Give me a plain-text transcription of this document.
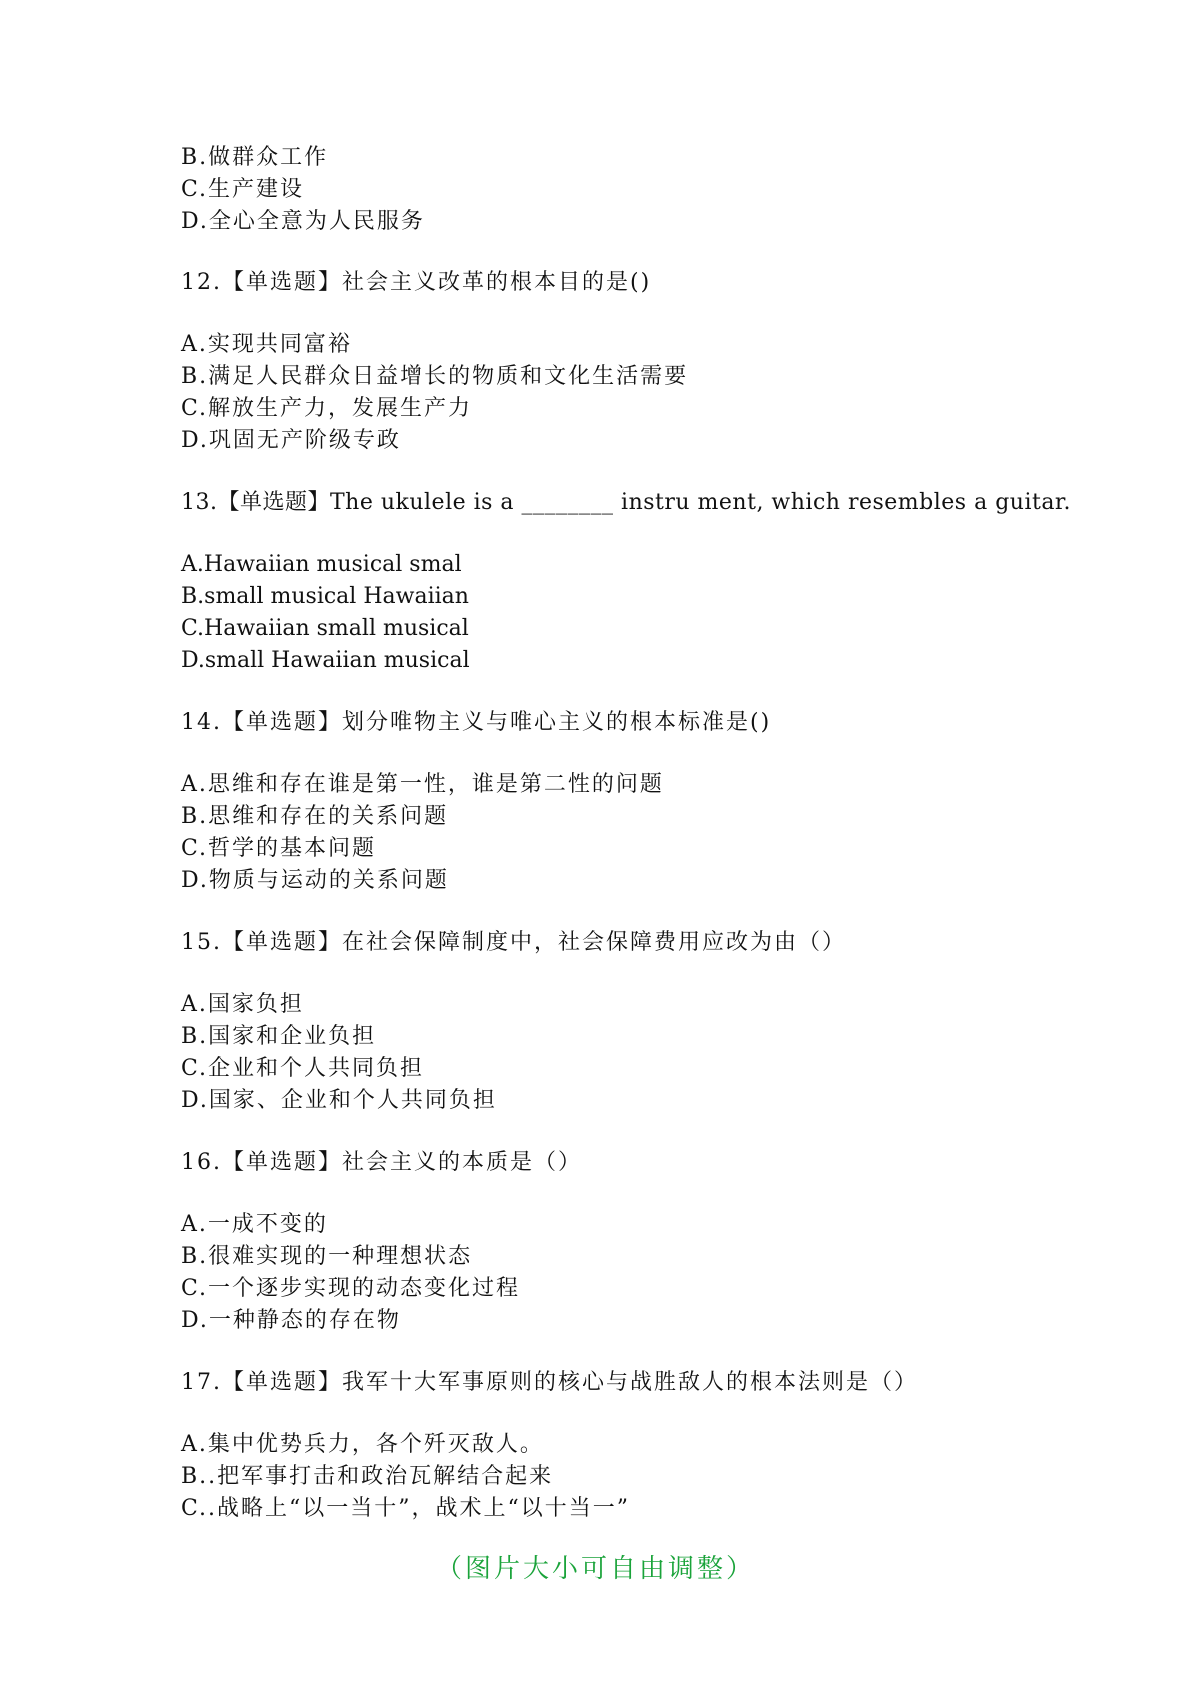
B.做群众工作
C.生产建设
D.全心全意为人民服务
12.【单选题】社会主义改革的根本目的是()
A.实现共同富裕
B.满足人民群众日益增长的物质和文化生活需要
C.解放生产力，发展生产力
D.巩固无产阶级专政
13.【单选题】The ukulele is a ________ instru ment, which resembles a guitar.
A.Hawaiian musical smal
B.small musical Hawaiian
C.Hawaiian small musical
D.small Hawaiian musical
14.【单选题】划分唯物主义与唯心主义的根本标准是()
A.思维和存在谁是第一性，谁是第二性的问题
B.思维和存在的关系问题
C.哲学的基本问题
D.物质与运动的关系问题
15.【单选题】在社会保障制度中，社会保障费用应改为由（）
A.国家负担
B.国家和企业负担
C.企业和个人共同负担
D.国家、企业和个人共同负担
16.【单选题】社会主义的本质是（）
A.一成不变的
B.很难实现的一种理想状态
C.一个逐步实现的动态变化过程
D.一种静态的存在物
17.【单选题】我军十大军事原则的核心与战胜敌人的根本法则是（）
A.集中优势兵力，各个歼灭敌人。
B..把军事打击和政治瓦解结合起来
C..战略上“以一当十”，战术上“以十当一”
（图片大小可自由调整）
